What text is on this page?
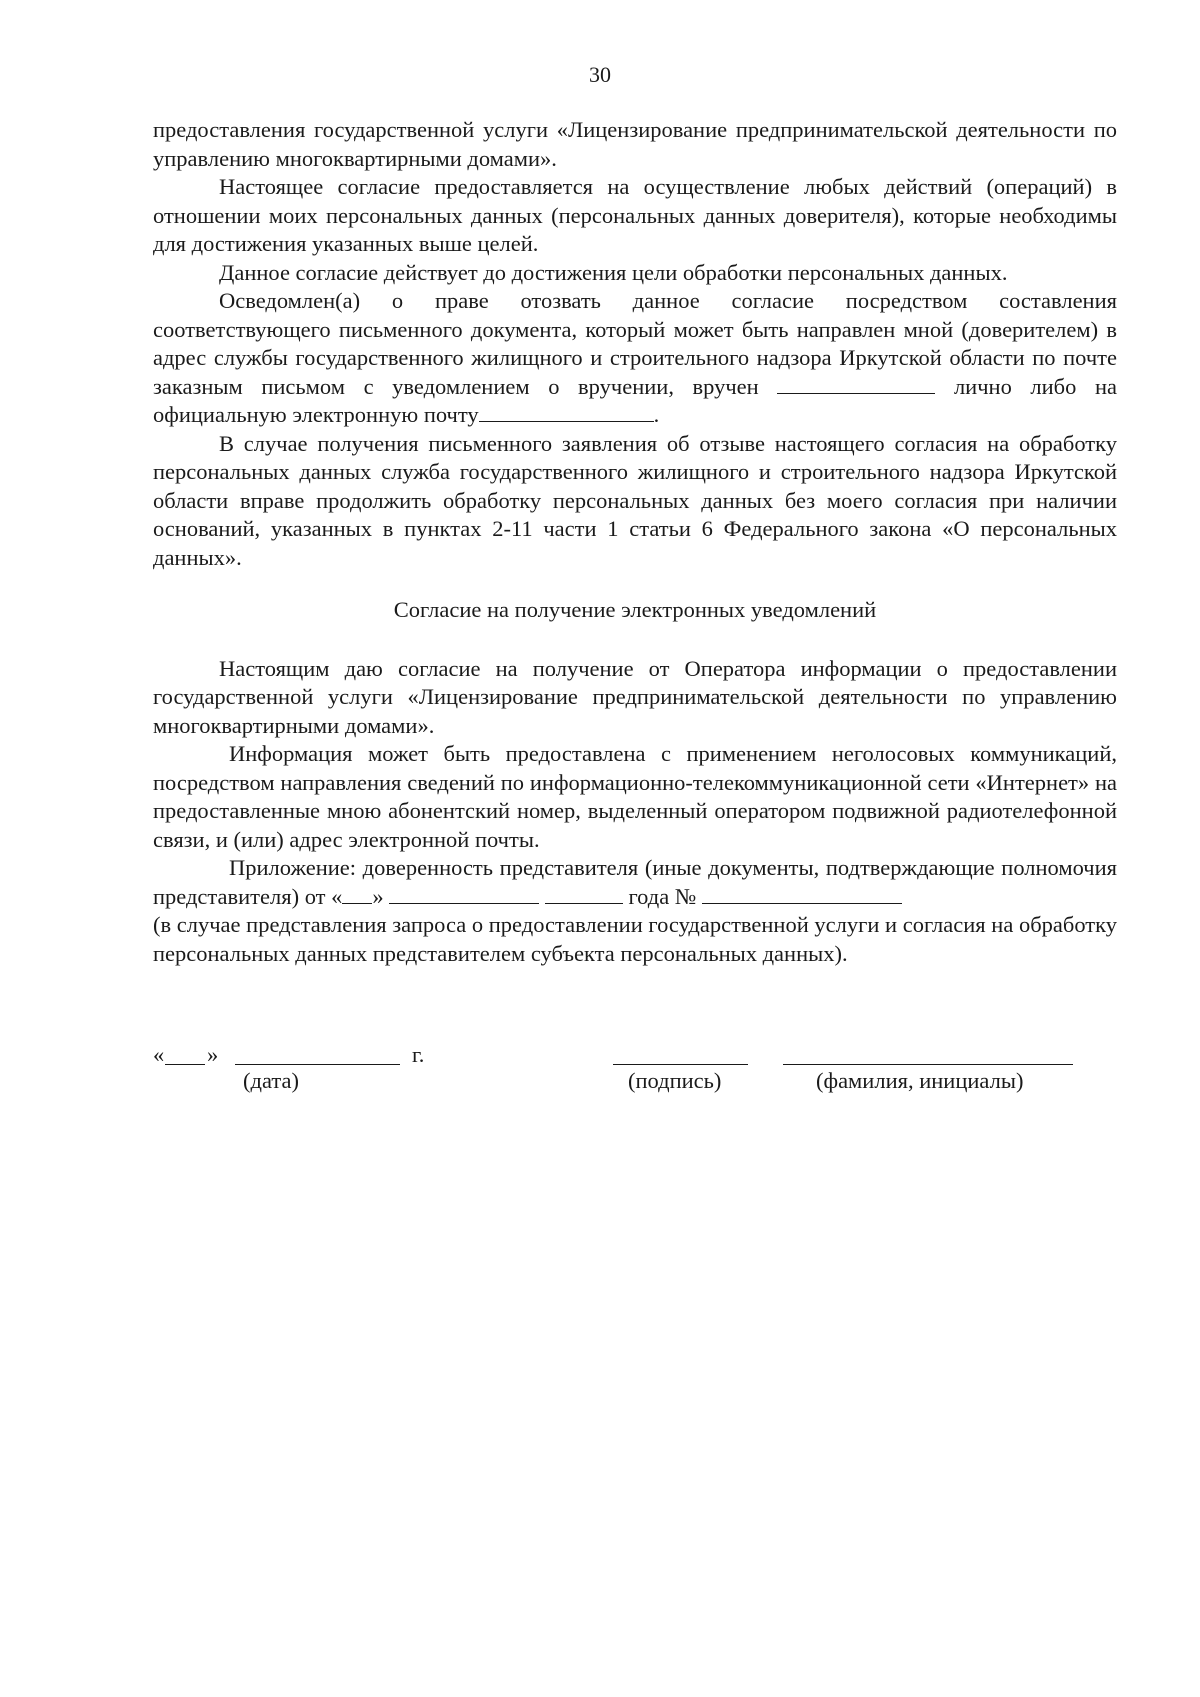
30

предоставления государственной услуги «Лицензирование предпринимательской деятельности по управлению многоквартирными домами».

Настоящее согласие предоставляется на осуществление любых действий (операций) в отношении моих персональных данных (персональных данных доверителя), которые необходимы для достижения указанных выше целей.

Данное согласие действует до достижения цели обработки персональных данных.

Осведомлен(а) о праве отозвать данное согласие посредством составления соответствующего письменного документа, который может быть направлен мной (доверителем) в адрес службы государственного жилищного и строительного надзора Иркутской области по почте заказным письмом с уведомлением о вручении, вручен	лично либо на официальную электронную почту	.

В случае получения письменного заявления об отзыве настоящего согласия на обработку персональных данных служба государственного жилищного и строительного надзора Иркутской области вправе продолжить обработку персональных данных без моего согласия при наличии оснований, указанных в пунктах 2-11 части 1 статьи 6 Федерального закона «О персональных данных».

Согласие на получение электронных уведомлений

Настоящим даю согласие на получение от Оператора информации о предоставлении государственной услуги «Лицензирование предпринимательской деятельности по управлению многоквартирными домами».

Информация может быть предоставлена с применением неголосовых коммуникаций, посредством направления сведений по информационно-телекоммуникационной сети «Интернет» на предоставленные мною абонентский номер, выделенный оператором подвижной радиотелефонной связи, и (или) адрес электронной почты.

Приложение: доверенность представителя (иные документы, подтверждающие полномочия представителя) от « »	года №

(в случае представления запроса о предоставлении государственной услуги и согласия на обработку персональных данных представителем субъекта персональных данных).

« »	г.
(дата)	(подпись)	(фамилия, инициалы)
